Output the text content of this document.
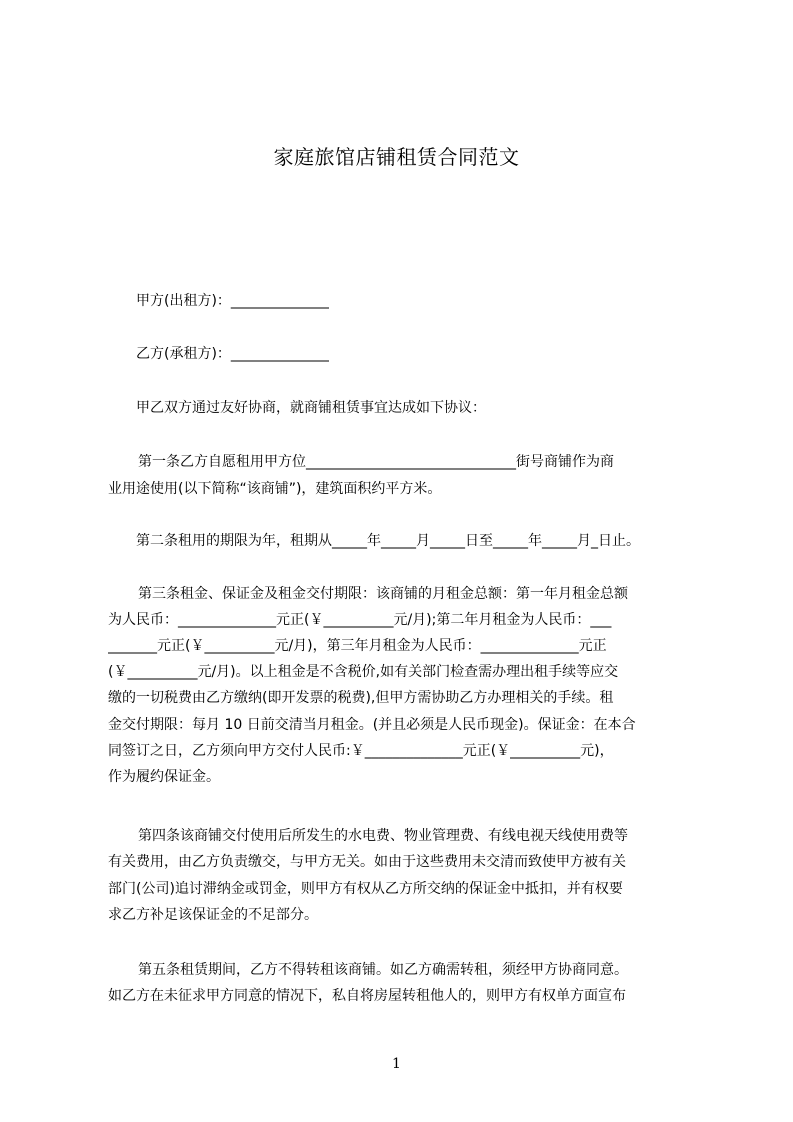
家庭旅馆店铺租赁合同范文
甲方(出租方)：______________
乙方(承租方)：______________
甲乙双方通过友好协商，就商铺租赁事宜达成如下协议：
第一条乙方自愿租用甲方位______________________________街号商铺作为商
业用途使用(以下简称“该商铺”)，建筑面积约平方米。
第二条租用的期限为年，租期从_____年_____月_____日至_____年_____月_日止。
第三条租金、保证金及租金交付期限：该商铺的月租金总额：第一年月租金总额
为人民币：______________元正(￥__________元/月);第二年月租金为人民币：___
_______元正(￥__________元/月)，第三年月租金为人民币：______________元正
(￥__________元/月)。以上租金是不含税价,如有关部门检查需办理出租手续等应交
缴的一切税费由乙方缴纳(即开发票的税费),但甲方需协助乙方办理相关的手续。租
金交付期限：每月 10 日前交清当月租金。(并且必须是人民币现金)。保证金：在本合
同签订之日，乙方须向甲方交付人民币:￥______________元正(￥__________元)，
作为履约保证金。
第四条该商铺交付使用后所发生的水电费、物业管理费、有线电视天线使用费等
有关费用，由乙方负责缴交，与甲方无关。如由于这些费用未交清而致使甲方被有关
部门(公司)追讨滞纳金或罚金，则甲方有权从乙方所交纳的保证金中抵扣，并有权要
求乙方补足该保证金的不足部分。
第五条租赁期间，乙方不得转租该商铺。如乙方确需转租，须经甲方协商同意。
如乙方在未征求甲方同意的情况下，私自将房屋转租他人的，则甲方有权单方面宣布
1
